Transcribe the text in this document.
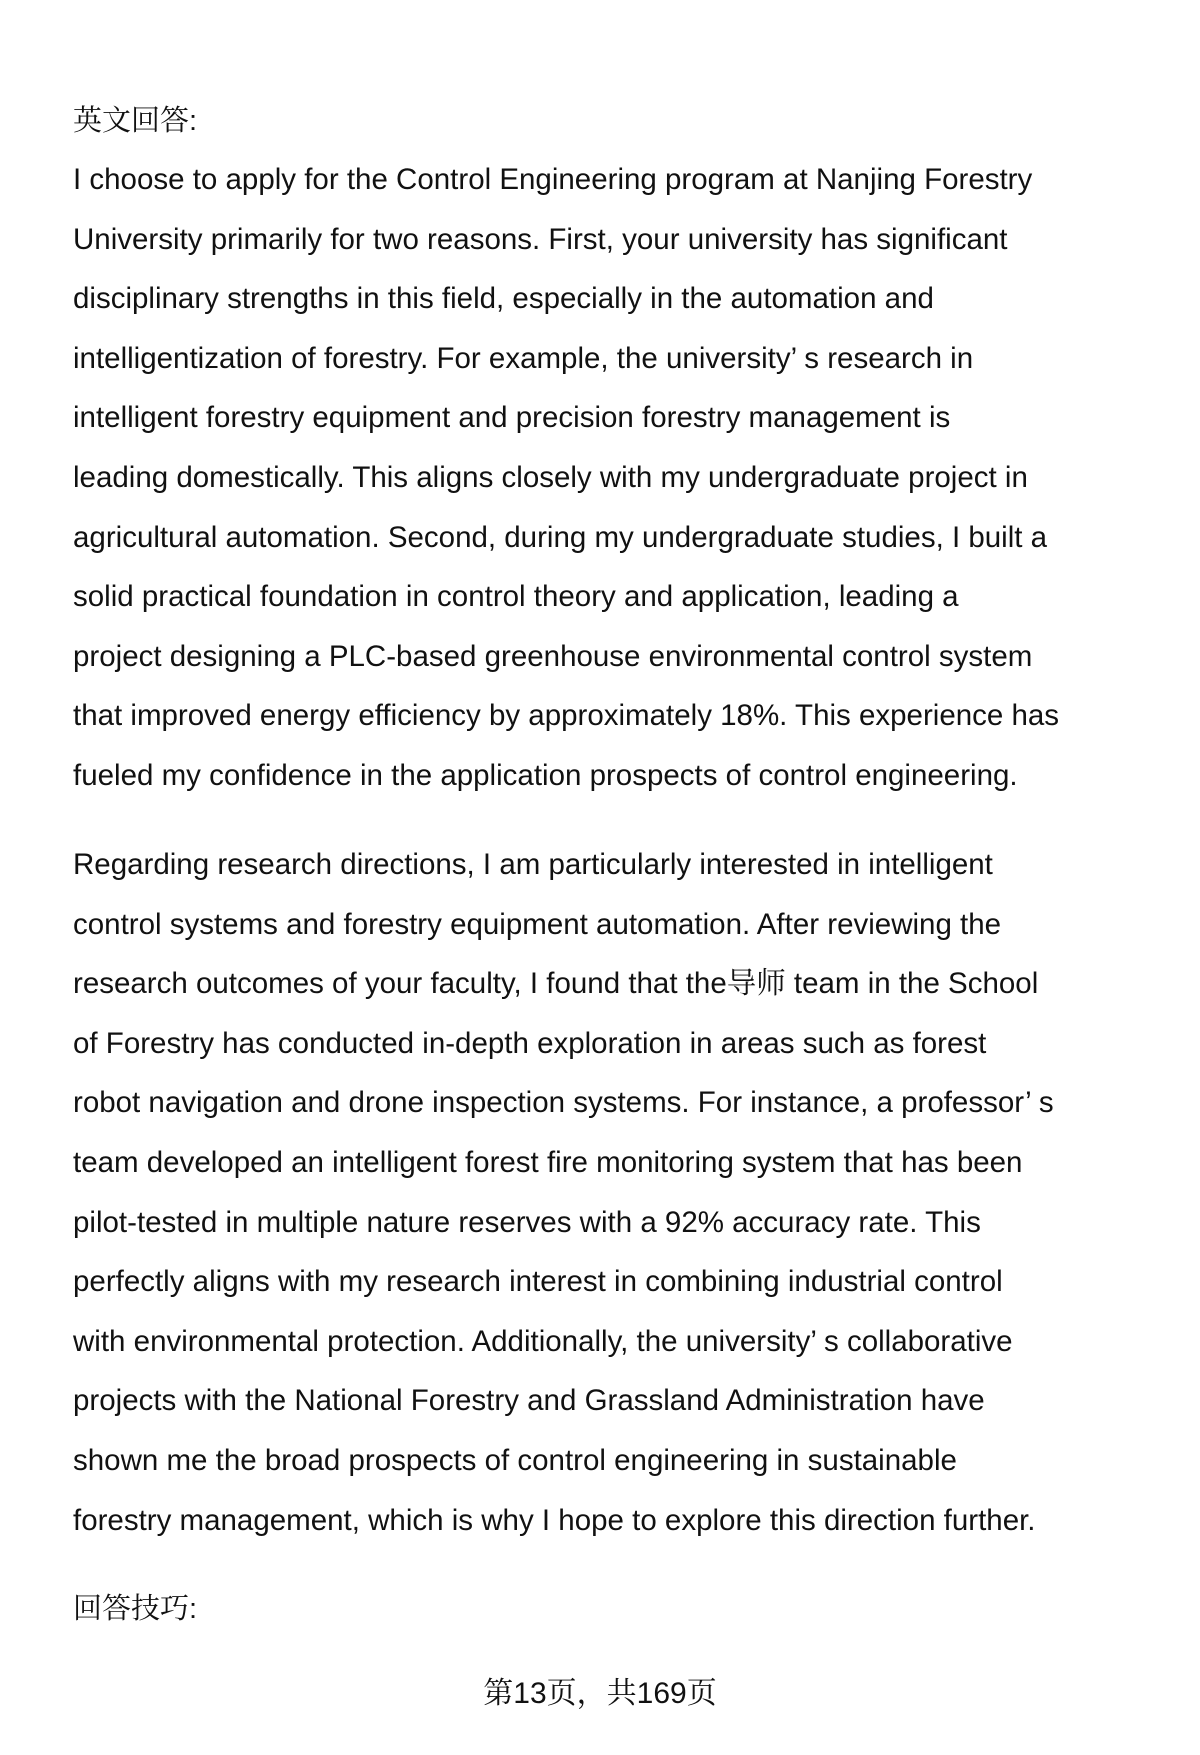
英文回答:
I choose to apply for the Control Engineering program at Nanjing Forestry
University primarily for two reasons. First, your university has significant
disciplinary strengths in this field, especially in the automation and
intelligentization of forestry. For example, the university’ s research in
intelligent forestry equipment and precision forestry management is
leading domestically. This aligns closely with my undergraduate project in
agricultural automation. Second, during my undergraduate studies, I built a
solid practical foundation in control theory and application, leading a
project designing a PLC-based greenhouse environmental control system
that improved energy efficiency by approximately 18%. This experience has
fueled my confidence in the application prospects of control engineering.
Regarding research directions, I am particularly interested in intelligent
control systems and forestry equipment automation. After reviewing the
research outcomes of your faculty, I found that the导师 team in the School
of Forestry has conducted in-depth exploration in areas such as forest
robot navigation and drone inspection systems. For instance, a professor’ s
team developed an intelligent forest fire monitoring system that has been
pilot-tested in multiple nature reserves with a 92% accuracy rate. This
perfectly aligns with my research interest in combining industrial control
with environmental protection. Additionally, the university’ s collaborative
projects with the National Forestry and Grassland Administration have
shown me the broad prospects of control engineering in sustainable
forestry management, which is why I hope to explore this direction further.
回答技巧:
第13页，共169页
